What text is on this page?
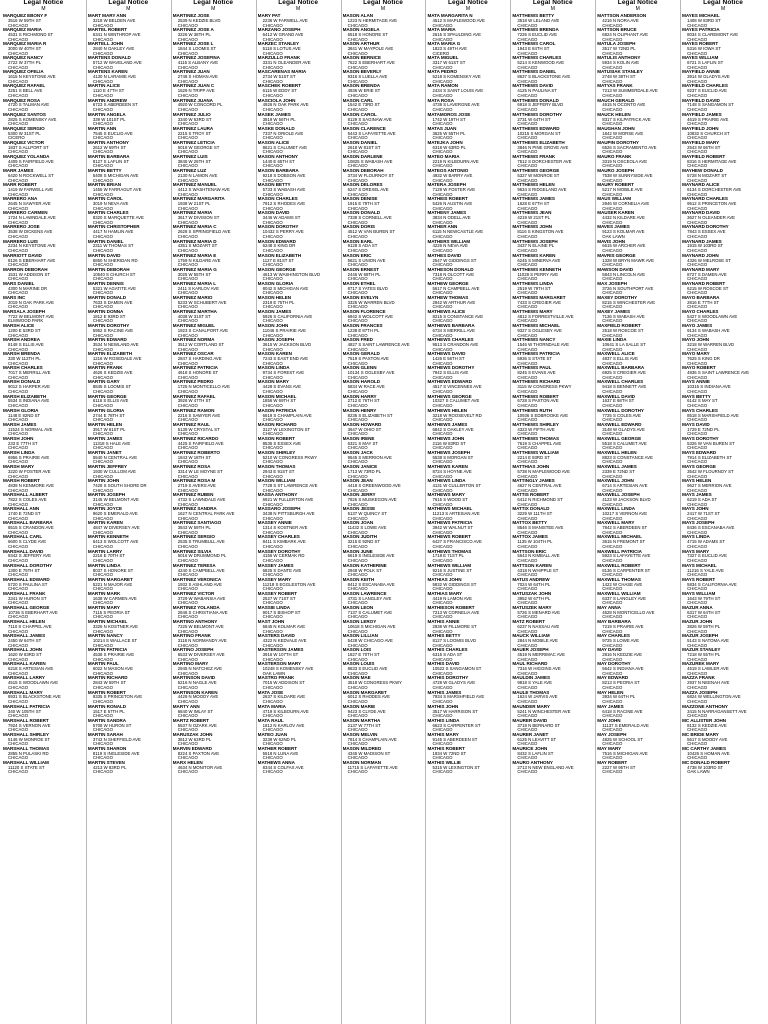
Legal Notice
M
MARQUEZ EBONY F
3516 W 59TH ST
CHICAGO
MARQUEZ MARIA
4531 S RICHMOND ST
CHICAGO
MARQUEZ MARIA R
3000 W 40TH ST
CHICAGO
MARQUEZ NANCY
2722 W 37TH PL
CHICAGO
MARQUEZ OFELIA
1615 N KEYSTONE AVE
CHICAGO
MARQUEZ RAFAEL
3251 S BELL AVE
CHICAGO
MARQUEZ ROSA
4720 S TALMAN AVE
CHICAGO
MARQUEZ SANTOS
2825 S KOMENSKY AVE
CHICAGO
MARQUEZ SERGIO
5300 W 31ST PL
CICERO
MARQUEZ VICTOR
1837 S ALLPORT ST
CHICAGO
MARQUEZ YOLANDA
4409 S FAIRFIELD AVE
CHICAGO
MARR JAMES
6420 N ROCKWELL ST
CHICAGO
MARR ROBERT
1419 W FARWELL AVE
CHICAGO
MARRERO ANA
2645 N SAWYER AVE
CHICAGO
MARRERO CARMEN
1724 N LAWNDALE AVE
CHICAGO
MARRERO JOSE
3538 W DICKENS AVE
CHICAGO
MARRERO LUIS
2234 N KEYSTONE AVE
CHICAGO
MARRIOTT DAVID
8126 S EBERHART AVE
CHICAGO
MARRON DEBORAH
1531 W ADDISON ST
CHICAGO
MARS DANIEL
4300 N MARINE DR
CHICAGO
MARS INC
2019 N OAK PARK AVE
CHICAGO
MARSALA JOSEPH
7722 W BELMONT AVE
ELMWOOD PARK
MARSH ALICE
1200 E 53RD ST
CHICAGO
MARSH ANDREA
8148 S ELLIS AVE
CHICAGO
MARSH BRENDA
330 W 112TH PL
CHICAGO
MARSH CHARLES
7017 S MERRILL AVE
CHICAGO
MARSH DONALD
9012 S HARPER AVE
CHICAGO
MARSH ELIZABETH
5534 S INDIANA AVE
CHICAGO
MARSH GLORIA
1148 E 82ND ST
CHICAGO
MARSH JAMES
11524 S NORMAL AVE
CHICAGO
MARSH JOHN
233 E 77TH ST
CHICAGO
MARSH LINDA
6956 S PRAIRIE AVE
CHICAGO
MARSH MARY
3220 W FOSTER AVE
CHICAGO
MARSH ROBERT
4839 N KENMORE AVE
CHICAGO
MARSHALL ALBERT
7822 S COLES AVE
CHICAGO
MARSHALL ANN
1740 E 72ND ST
CHICAGO
MARSHALL BARBARA
8515 S CRANDON AVE
CHICAGO
MARSHALL CARL
6600 S CLYDE AVE
CHICAGO
MARSHALL DAVID
9342 S JEFFERY AVE
CHICAGO
MARSHALL DOROTHY
1300 E 75TH ST
CHICAGO
MARSHALL EDWARD
5720 S PAULINA ST
CHICAGO
MARSHALL FRANK
3341 W HURON ST
CHICAGO
MARSHALL GEORGE
10736 S EBERHART AVE
CHICAGO
MARSHALL HELEN
7110 S CHAPPEL AVE
CHICAGO
MARSHALL JAMES
2450 W 64TH ST
CHICAGO
MARSHALL JOHN
1620 W 83RD ST
CHICAGO
MARSHALL KAREN
6218 S ARTESIAN AVE
CHICAGO
MARSHALL LARRY
4515 S WOODLAWN AVE
CHICAGO
MARSHALL MARY
8931 S BLACKSTONE AVE
CHICAGO
MARSHALL PATRICIA
340 W 105TH ST
CHICAGO
MARSHALL ROBERT
7924 S VERNON AVE
CHICAGO
MARSHALL SHIRLEY
5146 W MONROE ST
CHICAGO
MARSHALL THOMAS
2855 N PULASKI RD
CHICAGO
MARSHALL WILLIAM
11120 S STATE ST
CHICAGO
Legal Notice
M
MART MARY ANN
3218 W BELDEN AVE
CHICAGO
MARTEL ROBERT
6341 N WINTHROP AVE
CHICAGO
MARTELL JOHN
2840 N OAKLEY AVE
CHICAGO
MARTENS DONALD
5712 W WAVELAND AVE
CHICAGO
MARTENS KAREN
4130 N LARAMIE AVE
CHICAGO
MARTIN ALICE
1110 E 47TH ST
CHICAGO
MARTIN ANDREW
6723 S ABERDEEN ST
CHICAGO
MARTIN ANGELA
339 W 101ST PL
CHICAGO
MARTIN ANN
7545 S EUCLID AVE
CHICAGO
MARTIN ANTHONY
2612 W 69TH ST
CHICAGO
MARTIN BARBARA
9127 S LAFLIN ST
CHICAGO
MARTIN BETTY
5408 S MICHIGAN AVE
CHICAGO
MARTIN BRIAN
1455 W FARRAGUT AVE
CHICAGO
MARTIN CAROL
3019 N NEVA AVE
CHICAGO
MARTIN CHARLES
8320 S MARQUETTE AVE
CHICAGO
MARTIN CHRISTOPHER
4417 N HAMLIN AVE
CHICAGO
MARTIN DANIEL
2311 W THOMAS ST
CHICAGO
MARTIN DAVID
6850 N SHERIDAN RD
CHICAGO
MARTIN DEBORAH
10540 S CHURCH ST
CHICAGO
MARTIN DENNIS
5321 W AGATITE AVE
CHICAGO
MARTIN DONALD
7633 S DAMEN AVE
CHICAGO
MARTIN DONNA
1812 E 93RD ST
CHICAGO
MARTIN DOROTHY
5952 S RACINE AVE
CHICAGO
MARTIN EDWARD
3534 N NEWLAND AVE
CHICAGO
MARTIN ELIZABETH
1216 W ROSEDALE AVE
CHICAGO
MARTIN FRANK
4626 S KEDZIE AVE
CHICAGO
MARTIN GARY
8845 S LOOMIS ST
CHICAGO
MARTIN GEORGE
6116 S ELLIS AVE
CHICAGO
MARTIN GLORIA
2744 E 78TH ST
CHICAGO
MARTIN HELEN
3917 W 61ST PL
CHICAGO
MARTIN JAMES
11318 S HALE AVE
CHICAGO
MARTIN JANET
5540 N CENTRAL AVE
CHICAGO
MARTIN JEFFREY
1930 W CULLOM AVE
CHICAGO
MARTIN JOHN
7428 S SOUTH SHORE DR
CHICAGO
MARTIN JOSEPH
3145 W BELMONT AVE
CHICAGO
MARTIN JOYCE
9620 S EMERALD AVE
CHICAGO
MARTIN KAREN
4847 W DIVERSEY AVE
CHICAGO
MARTIN KENNETH
6413 S WOLCOTT AVE
CHICAGO
MARTIN LARRY
2216 E 70TH ST
CHICAGO
MARTIN LINDA
8037 S HONORE ST
CHICAGO
MARTIN MARGARET
5221 N MAJOR AVE
CHICAGO
MARTIN MARK
1638 W CARMEN AVE
CHICAGO
MARTIN MARY
7115 S PEORIA ST
CHICAGO
MARTIN MICHAEL
3326 N KOSTNER AVE
CHICAGO
MARTIN NANCY
10214 S WALLACE ST
CHICAGO
MARTIN PATRICIA
4538 S PRAIRIE AVE
CHICAGO
MARTIN PAUL
6022 N MASON AVE
CHICAGO
MARTIN RICHARD
2843 W 59TH ST
CHICAGO
MARTIN ROBERT
9335 S PRINCETON AVE
CHICAGO
MARTIN RONALD
1517 E 67TH PL
CHICAGO
MARTIN SANDRA
5708 W HURON ST
CHICAGO
MARTIN SARAH
3742 N SHEFFIELD AVE
CHICAGO
MARTIN SHARON
8119 S INGLESIDE AVE
CHICAGO
MARTIN STEVEN
4213 W 83RD PL
CHICAGO
Legal Notice
M
MARTINEZ JOSE
2539 N KEDZIE BLVD
CHICAGO
MARTINEZ JOSE A
3226 W 38TH PL
CHICAGO
MARTINEZ JOSE L
1844 S LOOMIS ST
CHICAGO
MARTINEZ JOSEFINA
4115 S ALBANY AVE
CHICAGO
MARTINEZ JUAN
2748 S HOMAN AVE
CHICAGO
MARTINEZ JUAN C
1629 N TRIPP AVE
CHICAGO
MARTINEZ JUANA
4920 W CONCORD PL
CHICAGO
MARTINEZ JULIO
3340 W 63RD ST
CHICAGO
MARTINEZ LAURA
2215 S TROY ST
CHICAGO
MARTINEZ LETICIA
5018 W GEORGE ST
CHICAGO
MARTINEZ LUIS
3845 W 26TH ST
CHICAGO
MARTINEZ LUZ
2130 N LAMON AVE
CHICAGO
MARTINEZ MANUEL
4412 S WASHTENAW AVE
CHICAGO
MARTINEZ MARGARITA
1938 W 21ST PL
CHICAGO
MARTINEZ MARIA
3617 W DIVISION ST
CHICAGO
MARTINEZ MARIA C
2628 S SPRINGFIELD AVE
CHICAGO
MARTINEZ MARIA D
4351 S MOZART ST
CHICAGO
MARTINEZ MARIA E
1759 N KILDARE AVE
CHICAGO
MARTINEZ MARIA G
3025 W 55TH ST
CHICAGO
MARTINEZ MARIA L
2411 S KARLOV AVE
CHICAGO
MARTINEZ MARIO
5233 W SCHUBERT AVE
CHICAGO
MARTINEZ MARTHA
4038 W 31ST ST
CHICAGO
MARTINEZ MIGUEL
1923 S CANALPORT AVE
CHICAGO
MARTINEZ NORMA
3512 W CORTLAND ST
CHICAGO
MARTINEZ OSCAR
2847 S HARDING AVE
CHICAGO
MARTINEZ PATRICIA
4618 S HONORE ST
CHICAGO
MARTINEZ PEDRO
1725 N MONTICELLO AVE
CHICAGO
MARTINEZ RAFAEL
3926 W 47TH ST
CHICAGO
MARTINEZ RAMON
2216 S SAWYER AVE
CHICAGO
MARTINEZ RAUL
5139 W CRYSTAL ST
CHICAGO
MARTINEZ RICARDO
4425 S FAIRFIELD AVE
CHICAGO
MARTINEZ ROBERTO
1843 W 18TH ST
CHICAGO
MARTINEZ ROSA
3314 W LE MOYNE ST
CHICAGO
MARTINEZ ROSA M
2719 S AVERS AVE
CHICAGO
MARTINEZ RUBEN
4732 S LAWNDALE AVE
CHICAGO
MARTINEZ SANDRA
1627 N CENTRAL PARK AVE
CHICAGO
MARTINEZ SANTIAGO
3843 W 59TH PL
CHICAGO
MARTINEZ SERGIO
2535 S TRUMBULL AVE
CHICAGO
MARTINEZ SILVIA
5016 W DRUMMOND PL
CHICAGO
MARTINEZ TERESA
4240 S CAMPBELL AVE
CHICAGO
MARTINEZ VERONICA
1932 S ASHLAND AVE
CHICAGO
MARTINEZ VICTOR
3729 W WABANSIA AVE
CHICAGO
MARTINEZ YOLANDA
2846 S CHRISTIANA AVE
CHICAGO
MARTINO ANTHONY
7225 W BELMONT AVE
CHICAGO
MARTINO FRANK
3118 N NORMANDY AVE
CHICAGO
MARTINO JOSEPH
6533 W DIVERSEY AVE
CHICAGO
MARTINO MARY
2945 N NATCHEZ AVE
CHICAGO
MARTINSON DAVID
5216 N NAGLE AVE
CHICAGO
MARTINSON KAREN
4429 N MOODY AVE
CHICAGO
MARTY ANN
6840 W IMLAY ST
CHICAGO
MARTZ ROBERT
5537 N OZARK AVE
CHICAGO
MARUSZAK JOHN
3812 W 63RD PL
CHICAGO
MARVIN EDWARD
8224 S PAXTON AVE
CHICAGO
MARX HELEN
4634 N MONITOR AVE
CHICAGO
Legal Notice
M
MARY PAT
2236 W FARWELL AVE
CHICAGO
MARZANO JOSEPH
6412 W GRAND AVE
CHICAGO
MARZEC STANLEY
5118 S LOTUS AVE
CHICAGO
MARZULLO FRANK
3331 N OLEANDER AVE
CHICAGO
MASCARENAS MARIA
2734 W 51ST ST
CHICAGO
MASCHEK ROBERT
6115 W EDDY ST
CHICAGO
MASCIOLA JOHN
4926 N OAK PARK AVE
CHICAGO
MASEK JAMES
3819 W 56TH PL
CHICAGO
MASKE DONALD
7337 N ORIOLE AVE
CHICAGO
MASON ALICE
8621 S CALUMET AVE
CHICAGO
MASON ANTHONY
1440 E 65TH ST
CHICAGO
MASON BARBARA
9218 S DOBSON AVE
CHICAGO
MASON BETTY
5733 S WABASH AVE
CHICAGO
MASON CHARLES
7912 S RHODES AVE
CHICAGO
MASON DAVID
3446 W ADAMS ST
CHICAGO
MASON DOROTHY
10432 S PERRY AVE
CHICAGO
MASON EDWARD
6248 S KING DR
CHICAGO
MASON ELIZABETH
1127 E 81ST ST
CHICAGO
MASON GEORGE
4613 W WASHINGTON BLVD
CHICAGO
MASON GLORIA
8042 S MICHIGAN AVE
CHICAGO
MASON HELEN
2319 E 75TH PL
CHICAGO
MASON JAMES
5926 S CALIFORNIA AVE
CHICAGO
MASON JOHN
11046 S PRAIRIE AVE
CHICAGO
MASON JOSEPH
3615 W JACKSON BLVD
CHICAGO
MASON KAREN
7243 S EAST END AVE
CHICAGO
MASON LINDA
9734 S FOREST AVE
CHICAGO
MASON MARY
4428 S EVANS AVE
CHICAGO
MASON MICHAEL
1856 W 69TH ST
CHICAGO
MASON PATRICIA
6619 S CHAMPLAIN AVE
CHICAGO
MASON RICHARD
3127 W LEXINGTON ST
CHICAGO
MASON ROBERT
8535 S ESSEX AVE
CHICAGO
MASON SHIRLEY
5210 W CONGRESS PKWY
CHICAGO
MASON THOMAS
2943 E 91ST ST
CHICAGO
MASON WILLIAM
7728 S ST LAWRENCE AVE
CHICAGO
MASSA ANTHONY
6921 W FULLERTON AVE
CHICAGO
MASSARO JOSEPH
3438 N PITTSBURGH AVE
CHICAGO
MASSEY ANNIE
1314 S KOSTNER AVE
CHICAGO
MASSEY CHARLES
8411 S KIMBARK AVE
CHICAGO
MASSEY DOROTHY
4156 W CERMAK RD
CHICAGO
MASSEY JAMES
6825 S DANTE AVE
CHICAGO
MASSEY MARY
11218 S EGGLESTON AVE
CHICAGO
MASSEY ROBERT
2527 W 71ST ST
CHICAGO
MASSIE LINDA
9017 S BISHOP ST
CHICAGO
MAST JOHN
5845 N KOLMAR AVE
CHICAGO
MASTERS DAVID
4322 N KEDVALE AVE
CHICAGO
MASTERSON JAMES
3916 W 107TH ST
CHICAGO
MASTERSON MARY
10248 S KOMENSKY AVE
OAK LAWN
MASTRO FRANK
7015 W ADDISON ST
CHICAGO
MATA JOSE
2637 S KILDARE AVE
CHICAGO
MATA MARIA
4719 S KILBOURN AVE
CHICAGO
MATA RAUL
1812 N KARLOV AVE
CHICAGO
MATEO JUAN
3239 W 62ND PL
CHICAGO
MATHER ROBERT
5518 N LUNA AVE
CHICAGO
MATHEWS ANNA
8344 S COLFAX AVE
CHICAGO
Legal Notice
M
MASON ALAN
1223 N HERMITAGE AVE
CHICAGO
MASON ANGELA
6518 S HONORE ST
CHICAGO
MASON ARTHUR
3841 W MAYPOLE AVE
CHICAGO
MASON BERNICE
7622 S EBERHART AVE
CHICAGO
MASON BEVERLY
9316 S LUELLA AVE
CHICAGO
MASON BRENDA
4936 W ERIE ST
CHICAGO
MASON CARL
1542 E 73RD ST
CHICAGO
MASON CAROL
8129 S SAGINAW AVE
CHICAGO
MASON CLARENCE
5443 S LAFAYETTE AVE
CHICAGO
MASON DANIEL
2618 W 81ST ST
CHICAGO
MASON DARLENE
10825 S WABASH AVE
CHICAGO
MASON DEBORAH
3734 W FLOURNOY ST
CHICAGO
MASON DELORES
6247 S DREXEL AVE
CHICAGO
MASON DENISE
1915 E 79TH ST
CHICAGO
MASON DONALD
7338 S CORNELL AVE
CHICAGO
MASON DORIS
4512 W VAN BUREN ST
CHICAGO
MASON EARL
9128 S ADA ST
CHICAGO
MASON ERIC
5621 S UNION AVE
CHICAGO
MASON ERNEST
2446 W 68TH PL
CHICAGO
MASON ETHEL
8717 S YATES BLVD
CHICAGO
MASON EVELYN
3325 W WARREN BLVD
CHICAGO
MASON FLORENCE
6942 S WOLCOTT AVE
CHICAGO
MASON FRANCES
1238 E 87TH PL
CHICAGO
MASON FRED
4827 S SAINT LAWRENCE AVE
CHICAGO
MASON GERALD
7519 S PAXTON AVE
CHICAGO
MASON GLENN
10134 S OGLESBY AVE
CHICAGO
MASON HAROLD
5834 W RACE AVE
CHICAGO
MASON HARRY
2712 E 76TH ST
CHICAGO
MASON HENRY
8236 S ELIZABETH ST
CHICAGO
MASON HOWARD
3647 W OHIO ST
CHICAGO
MASON IRENE
6321 S MAY ST
CHICAGO
MASON JACK
9545 S MERRION AVE
CHICAGO
MASON JANICE
1713 W 73RD PL
CHICAGO
MASON JEAN
4418 S GREENWOOD AVE
CHICAGO
MASON JERRY
7826 S MUSKEGON AVE
CHICAGO
MASON JESSE
5137 W QUINCY ST
CHICAGO
MASON JOAN
11432 S LOWE AVE
CHICAGO
MASON JUDITH
3215 E 92ND ST
CHICAGO
MASON JUNE
6619 S INGLESIDE AVE
CHICAGO
MASON KATHERINE
2948 W POLK ST
CHICAGO
MASON KEITH
8412 S ESCANABA AVE
CHICAGO
MASON LAWRENCE
4731 S LANGLEY AVE
CHICAGO
MASON LEON
7137 S CALUMET AVE
CHICAGO
MASON LEROY
10618 S MICHIGAN AVE
CHICAGO
MASON LILLIAN
5428 W CHICAGO AVE
CHICAGO
MASON LOIS
1827 E 70TH ST
CHICAGO
MASON LOUIS
8633 S EUCLID AVE
CHICAGO
MASON MAE
3518 W CONGRESS PKWY
CHICAGO
MASON MARGARET
6012 S RHODES AVE
CHICAGO
MASON MARIE
9423 S CLYDE AVE
CHICAGO
MASON MARTHA
2137 W 77TH ST
CHICAGO
MASON MELVIN
7814 S CHAMPLAIN AVE
CHICAGO
MASON MILDRED
4345 W MADISON ST
CHICAGO
MASON NORMAN
11715 S LAFAYETTE AVE
CHICAGO
Legal Notice
M
MATA MARGARITA N
4512 S MAPLEWOOD AVE
CHICAGO
MATA MARIA
2615 S SPAULDING AVE
CHICAGO
MATA MARIA G
1823 S 49TH AVE
CICERO
MATA MIGUEL
3317 W 61ST ST
CHICAGO
MATA PEDRO
5218 S KOMENSKY AVE
CHICAGO
MATA RAMON
2434 S SAINT LOUIS AVE
CHICAGO
MATA ROSA
4739 S LAVERGNE AVE
CHICAGO
MATAMOROS JOSE
1742 W 19TH ST
CHICAGO
MATAS JUAN
3625 W 55TH PL
CHICAGO
MATEJKA JOHN
6318 W 63RD PL
CHICAGO
MATEO MARIA
2219 N KILBOURN AVE
CHICAGO
MATEOS ANTONIO
4932 W BARRY AVE
CHICAGO
MATERA JOSEPH
7129 W FOSTER AVE
CHICAGO
MATHEIS ROBERT
5426 N AUSTIN AVE
CHICAGO
MATHENY JAMES
3834 N ODELL AVE
CHICAGO
MATHER ANN
6115 N NEWCASTLE AVE
CHICAGO
MATHERS WILLIAM
4226 N NEVA AVE
CHICAGO
MATHES DAVID
2547 W GIDDINGS ST
CHICAGO
MATHESON DONALD
7318 N OLCOTT AVE
CHICAGO
MATHEW GEORGE
5617 N CAMPBELL AVE
CHICAGO
MATHEW THOMAS
2942 W ARTHUR AVE
CHICAGO
MATHEWS ALICE
8215 S CONSTANCE AVE
CHICAGO
MATHEWS BARBARA
6734 S MERRILL AVE
CHICAGO
MATHEWS CHARLES
9513 S CRANDON AVE
CHICAGO
MATHEWS DAVID
1426 E 56TH ST
CHICAGO
MATHEWS DOROTHY
7942 S ELLIS AVE
CHICAGO
MATHEWS EDWARD
4517 S VINCENNES AVE
CHICAGO
MATHEWS GEORGE
10327 S CALUMET AVE
CHICAGO
MATHEWS HELEN
3218 W ROOSEVELT RD
CHICAGO
MATHEWS JAMES
6842 S OAKLEY AVE
CHICAGO
MATHEWS JOHN
2116 W 83RD ST
CHICAGO
MATHEWS JOSEPH
5538 S MORGAN ST
CHICAGO
MATHEWS KAREN
8724 S HOYNE AVE
CHICAGO
MATHEWS LINDA
4131 W CULLERTON ST
CHICAGO
MATHEWS MARY
7615 S WOOD ST
CHICAGO
MATHEWS MICHAEL
11213 S ARTESIAN AVE
CHICAGO
MATHEWS PATRICIA
3942 W WALNUT ST
CHICAGO
MATHEWS ROBERT
6427 S FRANCISCO AVE
CHICAGO
MATHEWS THOMAS
1718 E 71ST PL
CHICAGO
MATHEWS WILLIAM
9216 S JUSTINE ST
CHICAGO
MATHIAS JOHN
5832 W GIDDINGS ST
CHICAGO
MATHIAS MARY
4419 N LAMON AVE
CHICAGO
MATHIESON ROBERT
7213 W CORNELIA AVE
CHICAGO
MATHIS ANNIE
2938 W FILLMORE ST
CHICAGO
MATHIS BETTY
8127 S LOOMIS BLVD
CHICAGO
MATHIS CHARLES
6315 S ADA ST
CHICAGO
MATHIS DAVID
10522 S SANGAMON ST
CHICAGO
MATHIS DOROTHY
4728 W GLADYS AVE
CHICAGO
MATHIS JAMES
7934 S MARSHFIELD AVE
CHICAGO
MATHIS JOHN
3517 W HARRISON ST
CHICAGO
MATHIS LINDA
6623 S CARPENTER ST
CHICAGO
MATHIS MARY
9145 S ABERDEEN ST
CHICAGO
MATHIS ROBERT
1934 W 72ND ST
CHICAGO
MATHIS WILLIE
5315 W LEXINGTON ST
CHICAGO
Legal Notice
M
MATTHEWS BETTY
3518 W LELAND AVE
CHICAGO
MATTHEWS BRENDA
7226 S EUCLID AVE
CHICAGO
MATTHEWS CAROL
1943 E 84TH ST
CHICAGO
MATTHEWS CHARLES
5214 S KENWOOD AVE
CHICAGO
MATTHEWS DANIEL
8637 S BLACKSTONE AVE
CHICAGO
MATTHEWS DAVID
4125 N PAULINA ST
CHICAGO
MATTHEWS DONALD
6918 S JEFFERY BLVD
CHICAGO
MATTHEWS DOROTHY
2731 W 64TH ST
CHICAGO
MATTHEWS EDWARD
10215 S MORGAN ST
CHICAGO
MATTHEWS ELIZABETH
3846 N PINE GROVE AVE
CHICAGO
MATTHEWS FRANK
7512 S DORCHESTER AVE
CHICAGO
MATTHEWS GEORGE
5327 W MONROE ST
CHICAGO
MATTHEWS HELEN
9634 S RIDGELAND AVE
CHICAGO
MATTHEWS JAMES
1628 E 67TH ST
CHICAGO
MATTHEWS JEAN
4219 W 21ST PL
CHICAGO
MATTHEWS JOHN
8116 S KINGSTON AVE
CHICAGO
MATTHEWS JOSEPH
3437 N ELAINE PL
CHICAGO
MATTHEWS KAREN
6245 S MINERVA AVE
CHICAGO
MATTHEWS KENNETH
11028 S PERRY AVE
CHICAGO
MATTHEWS LINDA
2519 W 79TH ST
CHICAGO
MATTHEWS MARGARET
7433 S CREGIER AVE
CHICAGO
MATTHEWS MARY
4812 S FORRESTVILLE AVE
CHICAGO
MATTHEWS MICHAEL
9327 S OGLESBY AVE
CHICAGO
MATTHEWS NANCY
1546 W THORNDALE AVE
CHICAGO
MATTHEWS PATRICIA
5936 S STATE ST
CHICAGO
MATTHEWS PAUL
8245 S EVANS AVE
CHICAGO
MATTHEWS RICHARD
3115 W CONGRESS PKWY
CHICAGO
MATTHEWS ROBERT
6728 S PAXTON AVE
CHICAGO
MATTHEWS RUTH
10936 S EDBROOKE AVE
CHICAGO
MATTHEWS SHIRLEY
4323 W FIFTH AVE
CHICAGO
MATTHEWS THOMAS
7619 S CHAPPEL AVE
CHICAGO
MATTHEWS WILLIAM
2214 E 93RD ST
CHICAGO
MATTHIAS JOHN
5738 N MAPLEWOOD AVE
CHICAGO
MATTINGLY JAMES
4627 N CENTRAL AVE
CHICAGO
MATTIS ROBERT
6412 N RICHMOND ST
CHICAGO
MATTIX DONALD
3229 W 111TH ST
CHICAGO
MATTOX BETTY
8546 S MANISTEE AVE
CHICAGO
MATTOX JAMES
1135 W 104TH PL
CHICAGO
MATTSON ERIC
5643 N KIMBALL AVE
CHICAGO
MATTSON KAREN
4318 N WHIPPLE ST
CHICAGO
MATUS ANDREW
7024 W 64TH PL
CHICAGO
MATUSZAK JOHN
3952 W 67TH PL
CHICAGO
MATUSZEK MARY
5726 S MENARD AVE
CHICAGO
MATZ ROBERT
6237 N NASSAU AVE
CHICAGO
MAUCK WILLIAM
2844 N MOBILE AVE
CHICAGO
MAUER JOSEPH
4519 N MERRIMAC AVE
CHICAGO
MAUL RICHARD
7316 W HIGGINS AVE
CHICAGO
MAULDIN JAMES
9818 S YALE AVE
CHICAGO
MAULE THOMAS
1624 W JARVIS AVE
CHICAGO
MAUNDER MARY
5241 N WINCHESTER AVE
CHICAGO
MAURER DAVID
3718 N BERNARD ST
CHICAGO
MAURER JANET
6125 N LEAVITT ST
CHICAGO
MAURICE JOHN
8432 S LAFLIN ST
CHICAGO
MAURO ANTHONY
2713 N NEW ENGLAND AVE
CHICAGO
Legal Notice
M
MATTSON ANDERSON
4216 N NORA AVE
CHICAGO
MATTSON BRUCE
6824 N OLIPHANT AVE
CHICAGO
MATULA JOSEPH
3517 W 72ND PL
CHICAGO
MATULIS ANTHONY
5934 S KOLIN AVE
CHICAGO
MATUSIAK STANLEY
2748 W 38TH ST
CHICAGO
MATYAS FRANK
7213 W SUMMERDALE AVE
CHICAGO
MAUCH GERALD
4615 N OCONTO AVE
CHICAGO
MAUCK HELEN
8317 S KILPATRICK AVE
CHICAGO
MAUGHAN JOHN
1842 W MORSE AVE
CHICAGO
MAUPIN DOROTHY
6526 S SACRAMENTO AVE
CHICAGO
MAURO FRANK
3319 N OSCEOLA AVE
CHICAGO
MAURO JOSEPH
7538 W SUNNYSIDE AVE
CHICAGO
MAURY ROBERT
5217 N MOBILE AVE
CHICAGO
MAUS WILLIAM
2946 W CORNELIA AVE
CHICAGO
MAUSER KAREN
4432 N KILDARE AVE
CHICAGO
MAVES JAMES
9123 S KOLMAR AVE
OAK LAWN
MAVIS JOHN
6615 W ARCHER AVE
CHICAGO
MAVRIS GEORGE
1328 W BRYN MAWR AVE
CHICAGO
MAWSON DAVID
5843 N LINCOLN AVE
CHICAGO
MAX JOSEPH
3726 N SOUTHPORT AVE
CHICAGO
MAXEY DOROTHY
8215 S WINCHESTER AVE
CHICAGO
MAXEY JAMES
7136 S WABASH AVE
CHICAGO
MAXFIELD ROBERT
2518 W ROSCOE ST
CHICAGO
MAXIE LINDA
10641 S LA SALLE ST
CHICAGO
MAXWELL ALICE
4837 S ELLIS AVE
CHICAGO
MAXWELL BARBARA
6925 S CREGIER AVE
CHICAGO
MAXWELL CHARLES
9418 S BENNETT AVE
CHICAGO
MAXWELL DAVID
1637 E 68TH ST
CHICAGO
MAXWELL DOROTHY
7725 S COLES AVE
CHICAGO
MAXWELL EDWARD
3148 W GLADYS AVE
CHICAGO
MAXWELL GEORGE
5518 S CALUMET AVE
CHICAGO
MAXWELL HELEN
8823 S CONSTANCE AVE
CHICAGO
MAXWELL JAMES
2339 E 72ND ST
CHICAGO
MAXWELL JOHN
6714 S ARTESIAN AVE
CHICAGO
MAXWELL JOSEPH
4123 W JACKSON BLVD
CHICAGO
MAXWELL LINDA
10217 S VERNON AVE
CHICAGO
MAXWELL MARY
7842 S ABERDEEN ST
CHICAGO
MAXWELL MICHAEL
3615 N FREMONT ST
CHICAGO
MAXWELL PATRICIA
5923 S LAFAYETTE AVE
CHICAGO
MAXWELL ROBERT
8136 S CARPENTER ST
CHICAGO
MAXWELL THOMAS
1422 W CHASE AVE
CHICAGO
MAXWELL WILLIAM
6337 S LANGLEY AVE
CHICAGO
MAY ANNA
4528 N MONTICELLO AVE
CHICAGO
MAY BARBARA
7219 S PRAIRIE AVE
CHICAGO
MAY CHARLES
9725 S LOWE AVE
CHICAGO
MAY DAVID
2816 N KEDZIE AVE
CHICAGO
MAY DOROTHY
5642 S INDIANA AVE
CHICAGO
MAY EDWARD
8213 S PEORIA ST
CHICAGO
MAY HELEN
3934 W 64TH PL
CHICAGO
MAY JAMES
6418 S RACINE AVE
CHICAGO
MAY JOHN
11137 S EMERALD AVE
CHICAGO
MAY JOSEPH
4825 W SCHOOL ST
CHICAGO
MAY MARY
7516 S MICHIGAN AVE
CHICAGO
MAY ROBERT
2227 W 95TH ST
CHICAGO
Legal Notice
M
MAYES MICHAEL
1408 W 83RD ST
CHICAGO
MAYES PATRICIA
8034 S CLAREMONT AVE
CHICAGO
MAYES ROBERT
5316 W IOWA ST
CHICAGO
MAYES WILLIAM
6721 S LAFLIN ST
CHICAGO
MAYFIELD ANNIE
3914 W GLADYS AVE
CHICAGO
MAYFIELD CHARLES
9237 S EUCLID AVE
CHICAGO
MAYFIELD DAVID
7148 S SANGAMON ST
CHICAGO
MAYFIELD JAMES
4619 S PRAIRIE AVE
CHICAGO
MAYFIELD JOHN
10832 S CHURCH ST
CHICAGO
MAYFIELD MARY
2543 W 66TH ST
CHICAGO
MAYFIELD ROBERT
8316 S HERMITAGE AVE
CHICAGO
MAYHEW DONALD
5728 N MOZART ST
CHICAGO
MAYNARD ALICE
6134 S DORCHESTER AVE
CHICAGO
MAYNARD CHARLES
9512 S PRINCETON AVE
CHICAGO
MAYNARD DAVID
3627 N OLEANDER AVE
CHICAGO
MAYNARD DOROTHY
7843 S ESSEX AVE
CHICAGO
MAYNARD JAMES
1915 W 103RD ST
CHICAGO
MAYNARD JOHN
4326 W MELROSE ST
CHICAGO
MAYNARD MARY
8727 S DAMEN AVE
CHICAGO
MAYNARD ROBERT
6215 W ROSCOE ST
CHICAGO
MAYO BARBARA
2816 E 77TH ST
CHICAGO
MAYO CHARLES
5427 S WOODLAWN AVE
CHICAGO
MAYO JAMES
9134 S WABASH AVE
CHICAGO
MAYO JOHN
3218 W WARREN BLVD
CHICAGO
MAYO MARY
7625 S KING DR
CHICAGO
MAYO ROBERT
4836 S SAINT LAWRENCE AVE
CHICAGO
MAYS ANNIE
10315 S INDIANA AVE
CHICAGO
MAYS BETTY
6142 S MAY ST
CHICAGO
MAYS CHARLES
8518 S MARSHFIELD AVE
CHICAGO
MAYS DAVID
1729 E 72ND PL
CHICAGO
MAYS DOROTHY
5326 W VAN BUREN ST
CHICAGO
MAYS EDWARD
7914 S ELIZABETH ST
CHICAGO
MAYS GEORGE
3542 W FLOURNOY ST
CHICAGO
MAYS HELEN
9627 S MERRION AVE
CHICAGO
MAYS JAMES
6219 S ADA ST
CHICAGO
MAYS JOHN
2417 W 71ST ST
CHICAGO
MAYS JOSEPH
8436 S ESCANABA AVE
CHICAGO
MAYS LINDA
4715 W ADAMS ST
CHICAGO
MAYS MARY
7327 S EUCLID AVE
CHICAGO
MAYS MICHAEL
11216 S YALE AVE
CHICAGO
MAYS ROBERT
5834 S CALIFORNIA AVE
CHICAGO
MAYS WILLIAM
1643 W 79TH ST
CHICAGO
MAZUR ANNA
6317 W 64TH ST
CHICAGO
MAZUR JOHN
3826 W 59TH PL
CHICAGO
MAZUR JOSEPH
5143 S NATOMA AVE
CHICAGO
MAZUR STANLEY
7218 W 55TH PL
CHICAGO
MAZUREK MARY
4519 S LAWLER AVE
CHICAGO
MAZZA FRANK
2937 N NEENAH AVE
CHICAGO
MAZZA JOSEPH
6824 W WELLINGTON AVE
CHICAGO
MAZZONE ANTHONY
3415 N NARRAGANSETT AVE
CHICAGO
MC ALLISTER JOHN
8132 S KEDZIE AVE
CHICAGO
MC BRIDE MARY
5617 S MOODY AVE
CHICAGO
MC CARTHY JAMES
10426 S HOMAN AVE
CHICAGO
MC DONALD ROBERT
4738 W 103RD ST
OAK LAWN
